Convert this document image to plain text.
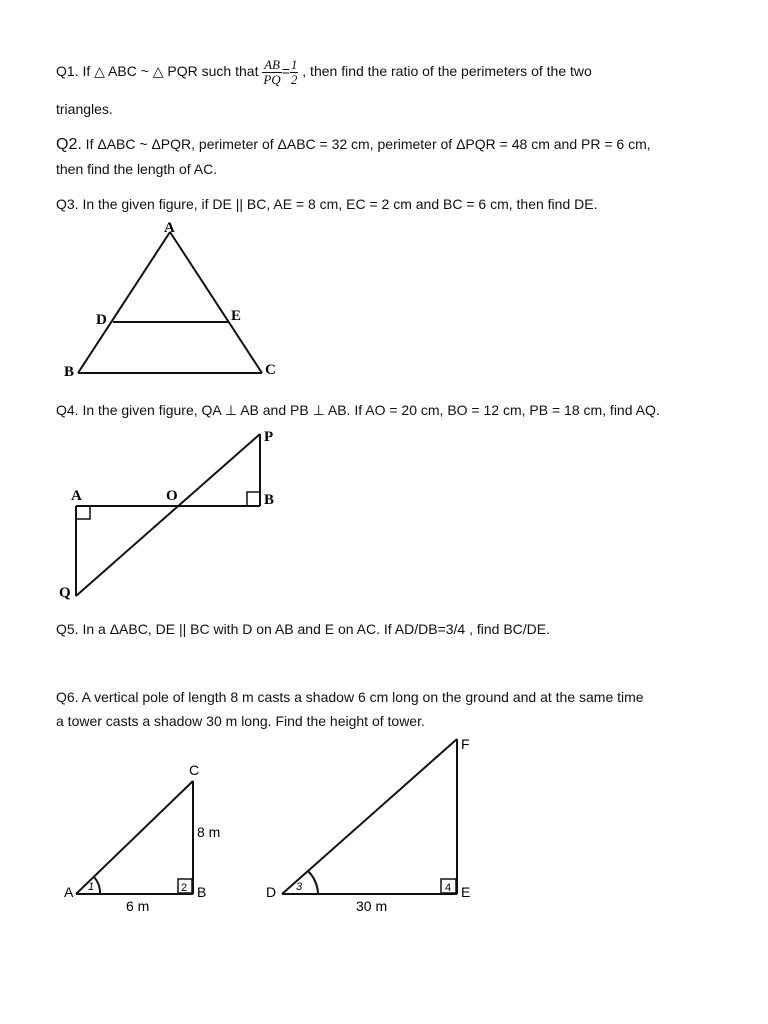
Q1. If △ ABC ~ △ PQR such that $\frac{AB}{PQ} = \frac{1}{2}$ , then find the ratio of the perimeters of the two
triangles.
Q2. If ΔABC ~ ΔPQR, perimeter of ΔABC = 32 cm, perimeter of ΔPQR = 48 cm and PR = 6 cm,
then find the length of AC.
Q3. In the given figure, if DE || BC, AE = 8 cm, EC = 2 cm and BC = 6 cm, then find DE.
A
D	E
B	C
Q4. In the given figure, QA ⊥ AB and PB ⊥ AB. If AO = 20 cm, BO = 12 cm, PB = 18 cm, find AQ.
A	O	B
P
Q
Q5. In a ΔABC, DE || BC with D on AB and E on AC. If AD/DB=3/4 , find BC/DE.
Q6. A vertical pole of length 8 m casts a shadow 6 cm long on the ground and at the same time
a tower casts a shadow 30 m long. Find the height of tower.
A	B
C
1	2
8 m
6 m
D	E
F
3	4
30 m
